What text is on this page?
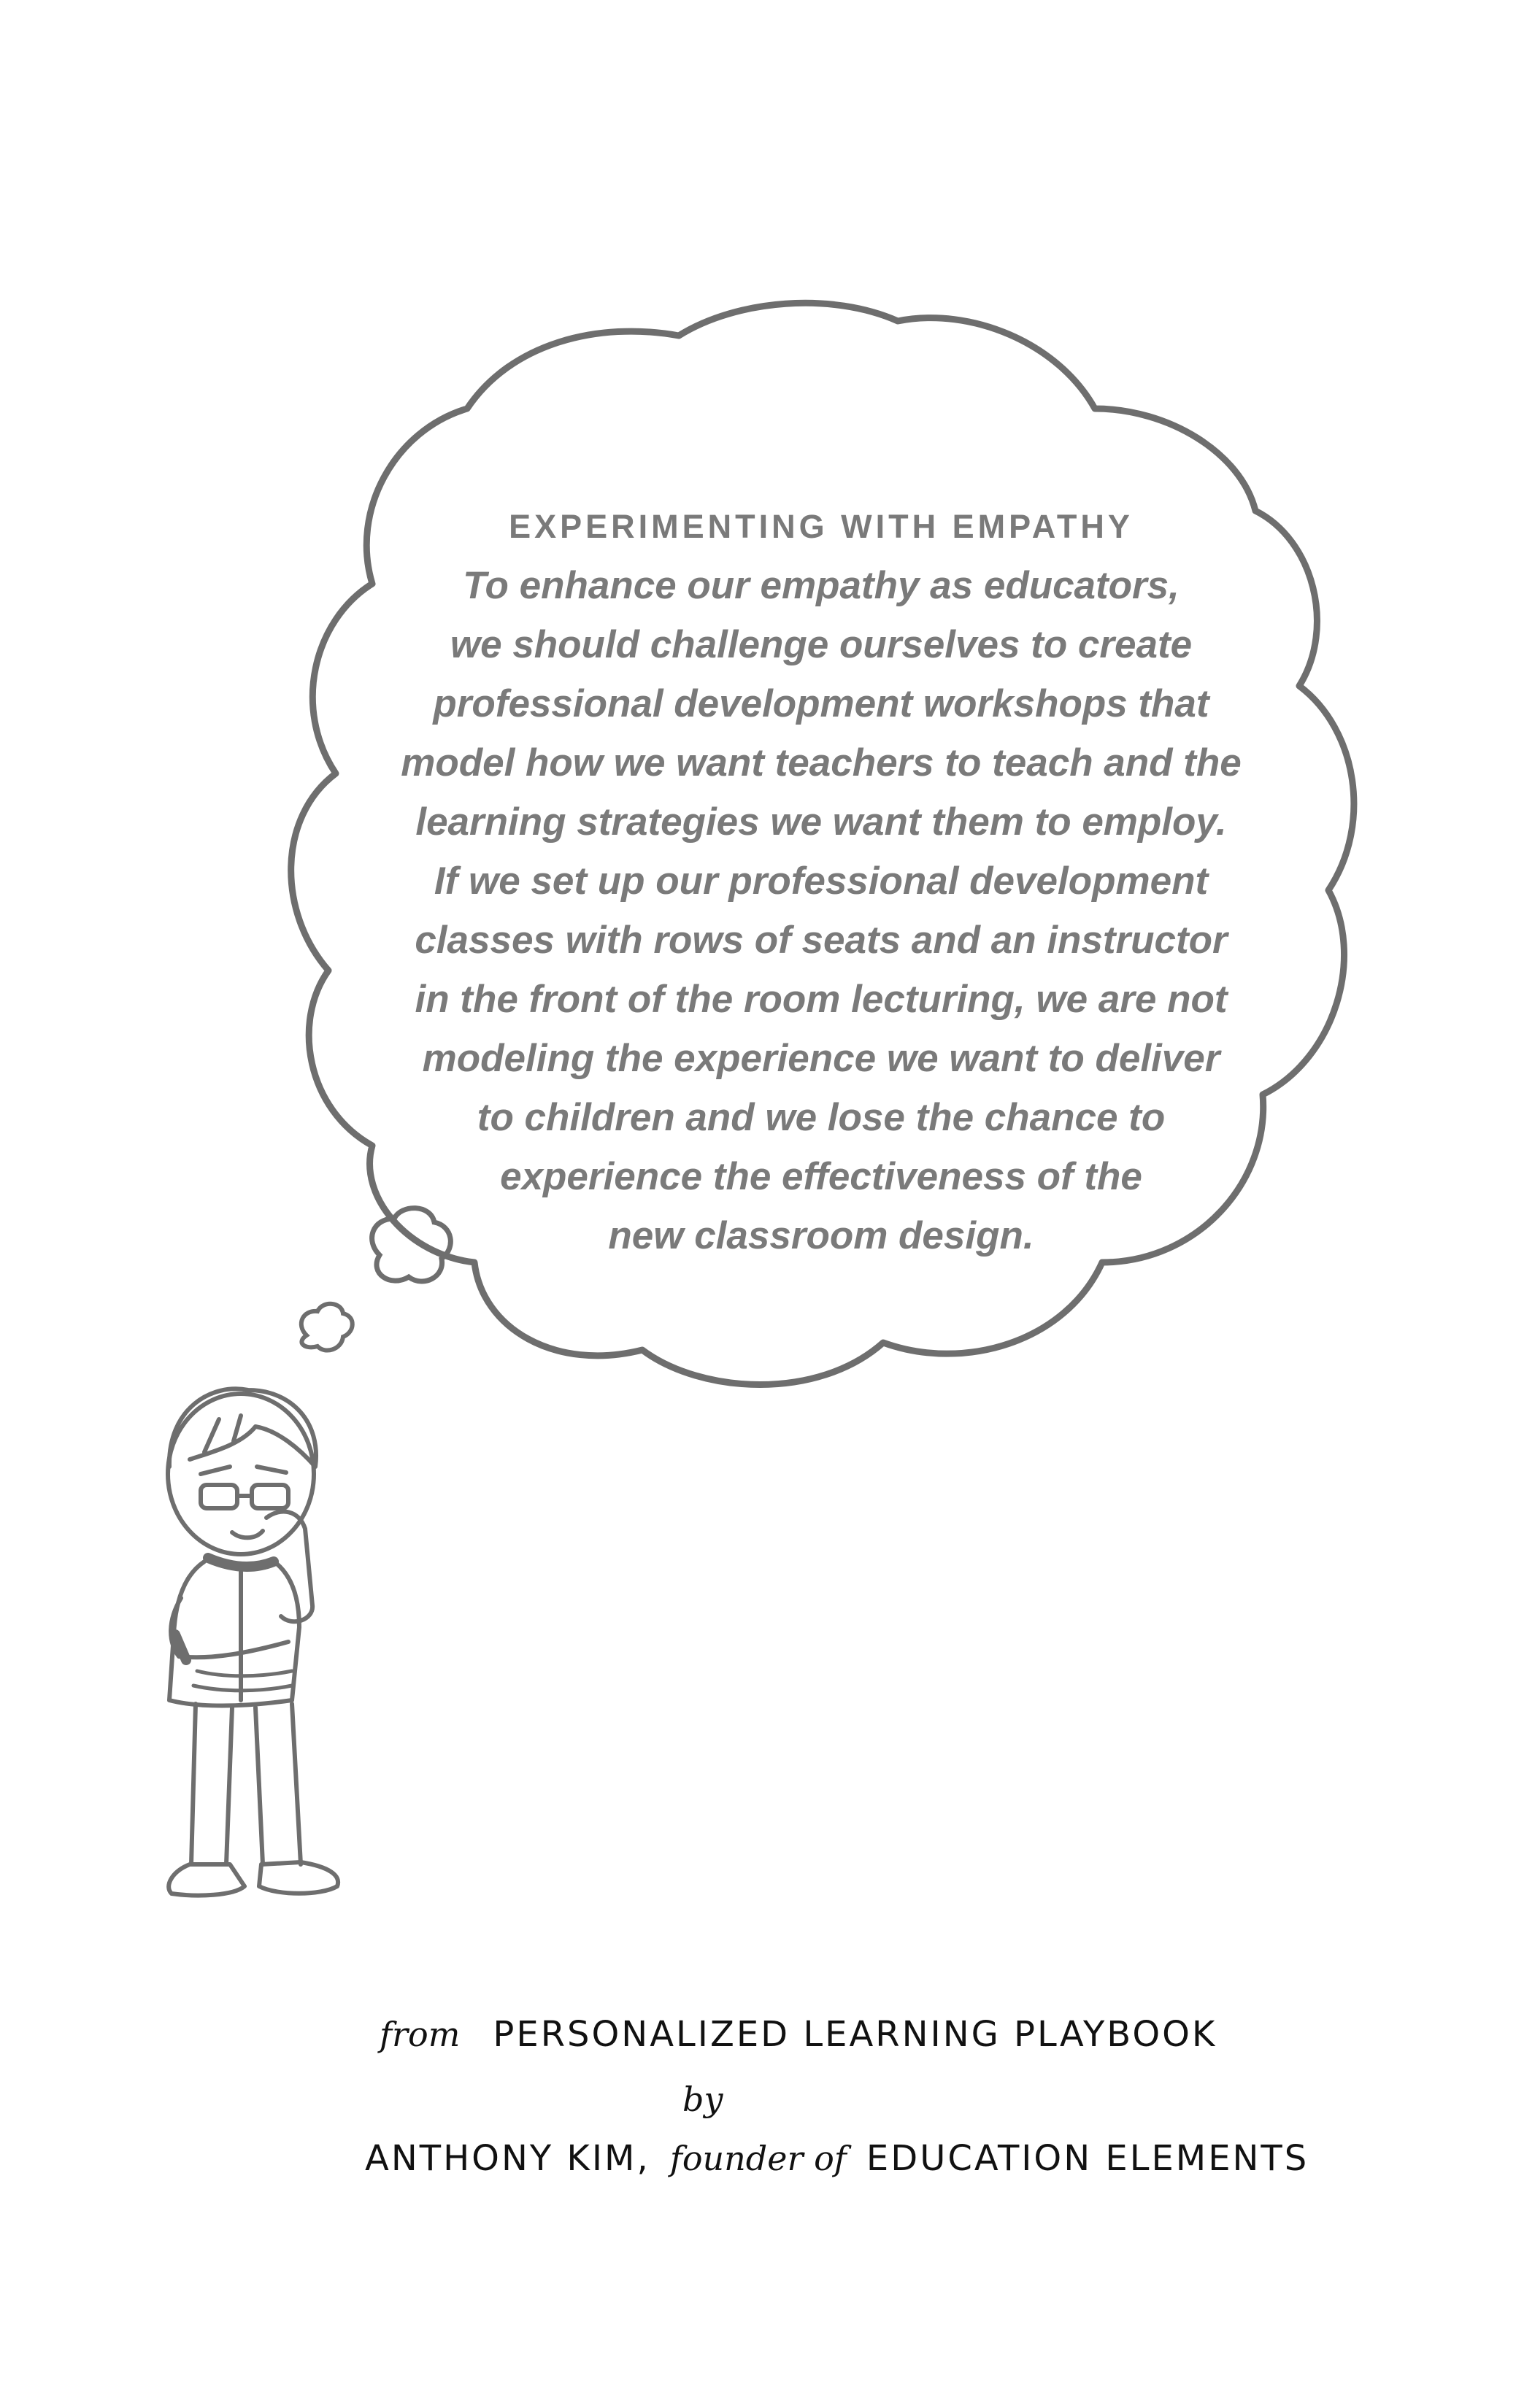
EXPERIMENTING WITH EMPATHY

To enhance our empathy as educators,
we should challenge ourselves to create
professional development workshops that
model how we want teachers to teach and the
learning strategies we want them to employ.
If we set up our professional development
classes with rows of seats and an instructor
in the front of the room lecturing, we are not
modeling the experience we want to deliver
to children and we lose the chance to
experience the effectiveness of the
new classroom design.

from PERSONALIZED LEARNING PLAYBOOK
by
ANTHONY KIM, founder of EDUCATION ELEMENTS
